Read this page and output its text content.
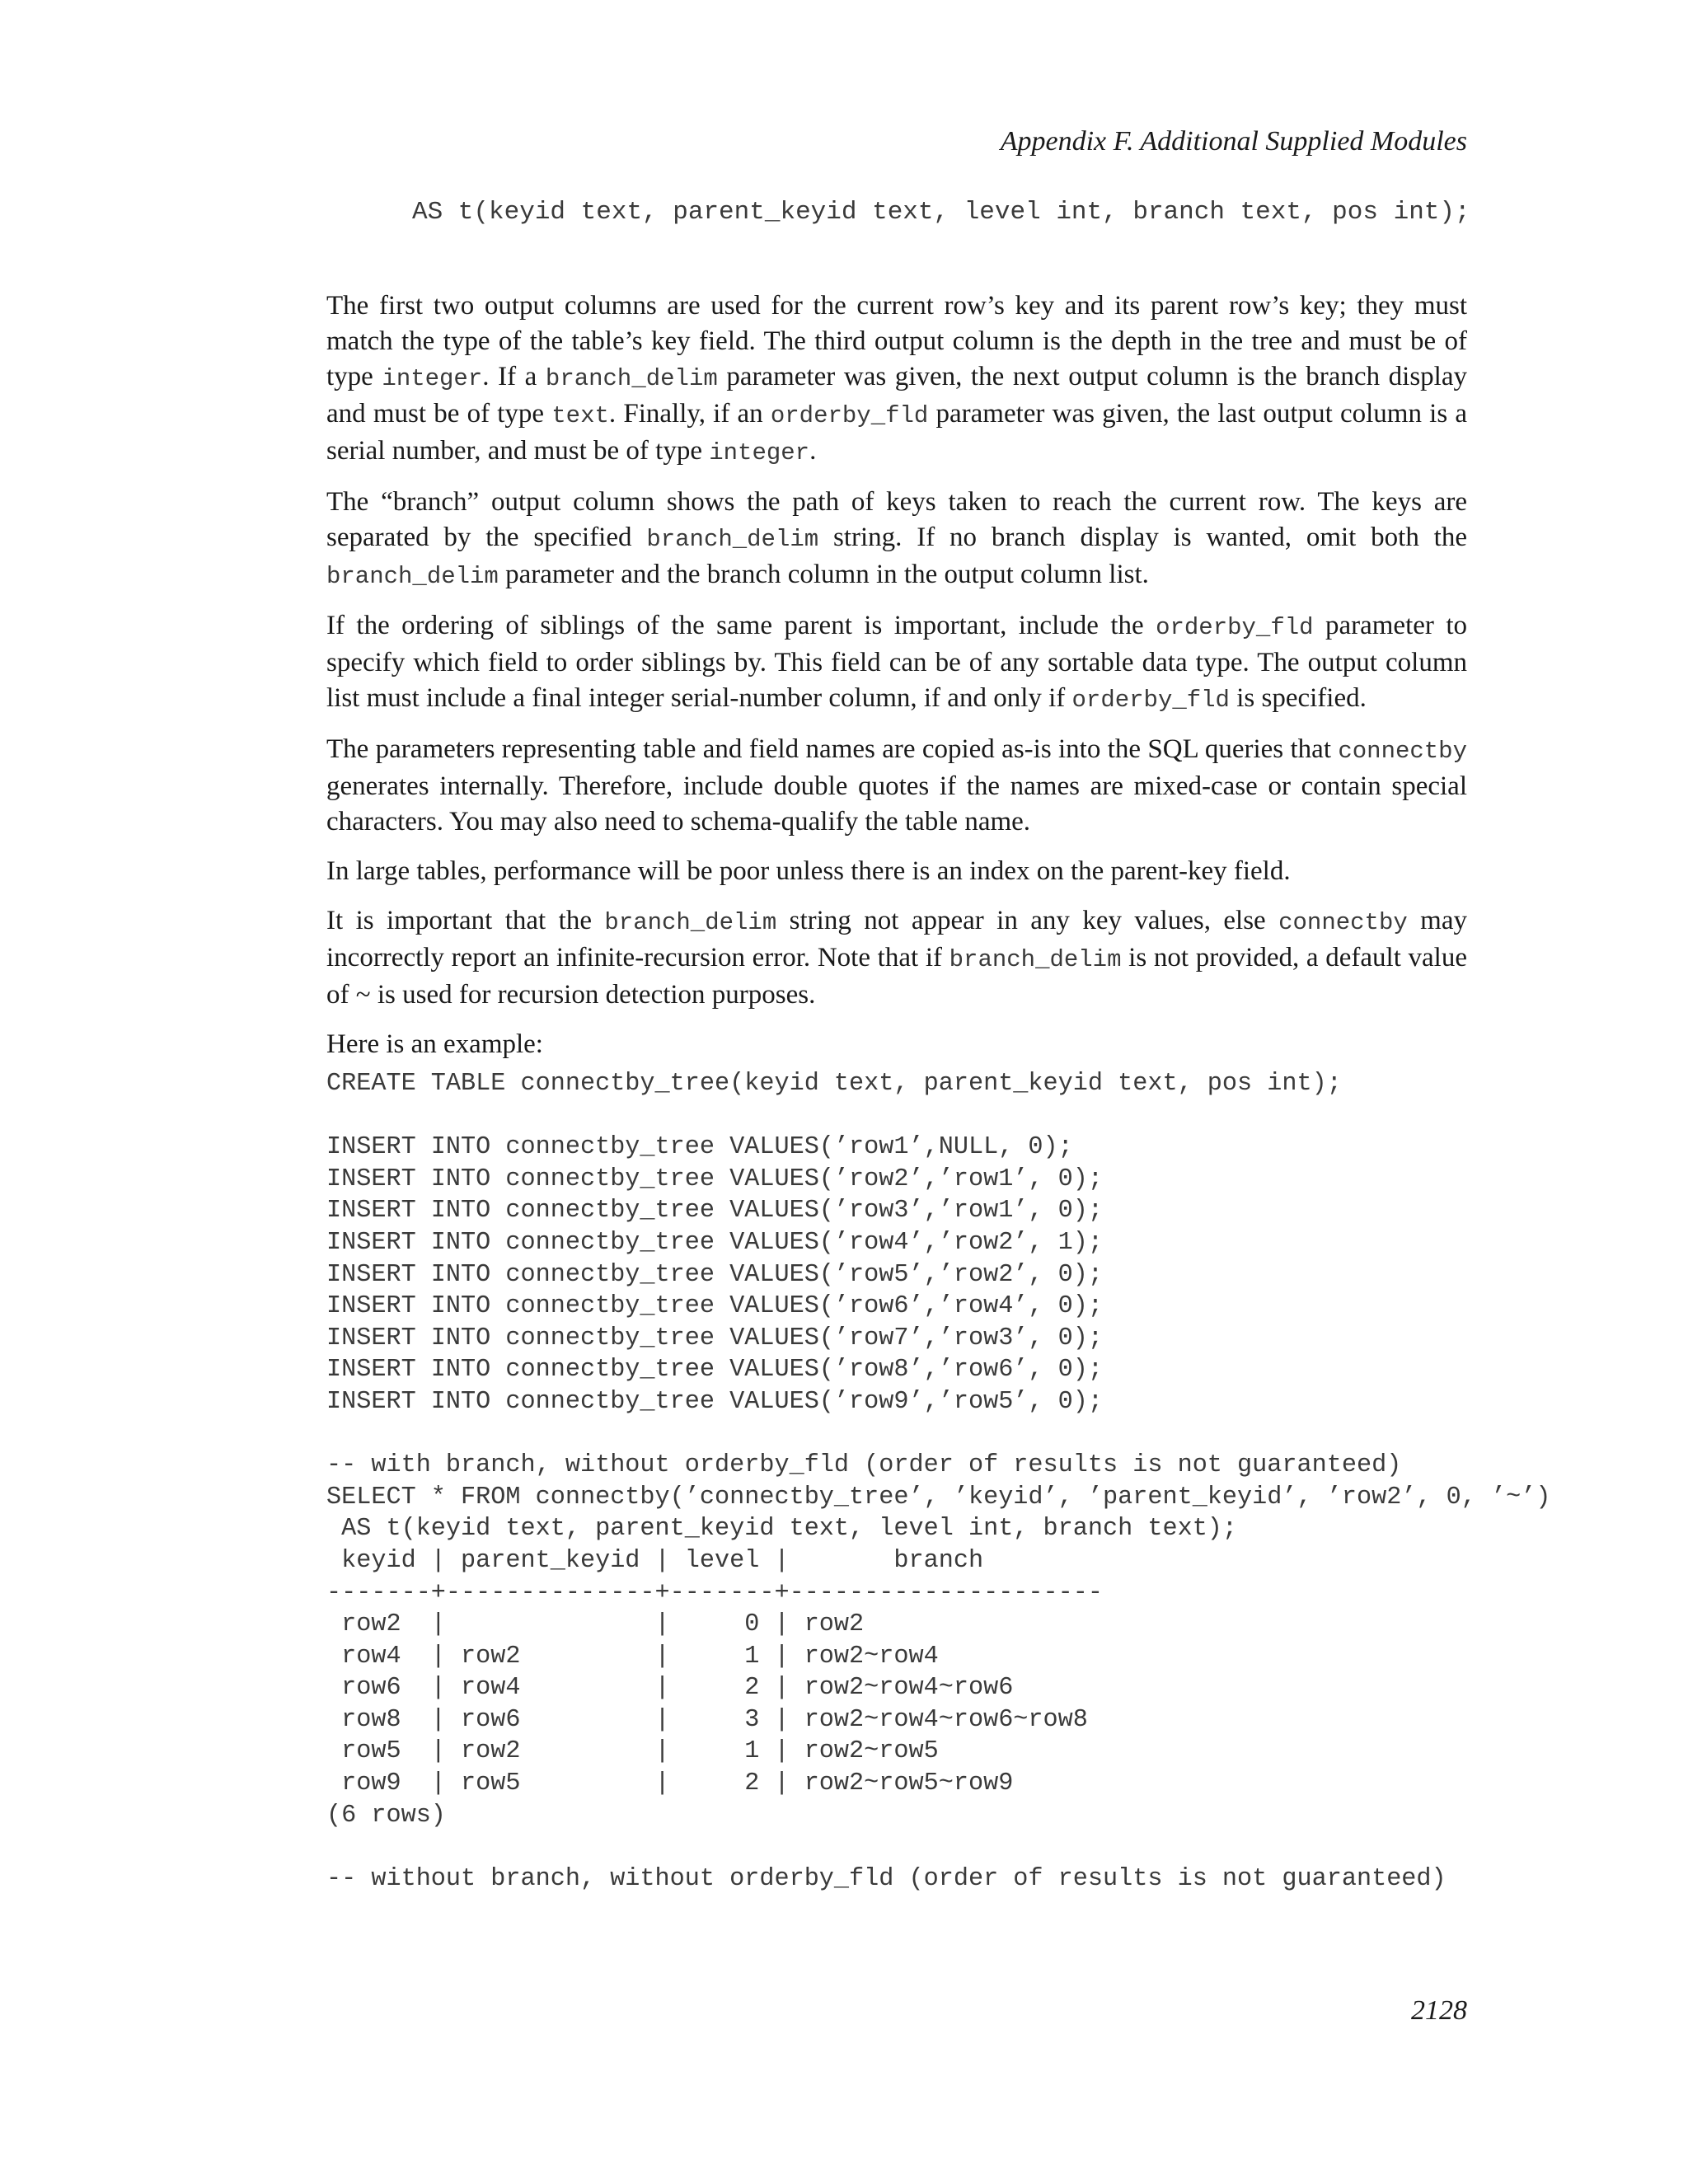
Appendix F. Additional Supplied Modules
AS t(keyid text, parent_keyid text, level int, branch text, pos int);

The first two output columns are used for the current row’s key and its parent row’s key; they must match the type of the table’s key field. The third output column is the depth in the tree and must be of type integer. If a branch_delim parameter was given, the next output column is the branch display and must be of type text. Finally, if an orderby_fld parameter was given, the last output column is a serial number, and must be of type integer.

The “branch” output column shows the path of keys taken to reach the current row. The keys are separated by the specified branch_delim string. If no branch display is wanted, omit both the branch_delim parameter and the branch column in the output column list.

If the ordering of siblings of the same parent is important, include the orderby_fld parameter to specify which field to order siblings by. This field can be of any sortable data type. The output column list must include a final integer serial-number column, if and only if orderby_fld is specified.

The parameters representing table and field names are copied as-is into the SQL queries that connectby generates internally. Therefore, include double quotes if the names are mixed-case or contain special characters. You may also need to schema-qualify the table name.

In large tables, performance will be poor unless there is an index on the parent-key field.

It is important that the branch_delim string not appear in any key values, else connectby may incorrectly report an infinite-recursion error. Note that if branch_delim is not provided, a default value of ~ is used for recursion detection purposes.

Here is an example:

CREATE TABLE connectby_tree(keyid text, parent_keyid text, pos int);
INSERT INTO connectby_tree VALUES(’row1’,NULL, 0);
INSERT INTO connectby_tree VALUES(’row2’,’row1’, 0);
INSERT INTO connectby_tree VALUES(’row3’,’row1’, 0);
INSERT INTO connectby_tree VALUES(’row4’,’row2’, 1);
INSERT INTO connectby_tree VALUES(’row5’,’row2’, 0);
INSERT INTO connectby_tree VALUES(’row6’,’row4’, 0);
INSERT INTO connectby_tree VALUES(’row7’,’row3’, 0);
INSERT INTO connectby_tree VALUES(’row8’,’row6’, 0);
INSERT INTO connectby_tree VALUES(’row9’,’row5’, 0);
-- with branch, without orderby_fld (order of results is not guaranteed)
SELECT * FROM connectby(’connectby_tree’, ’keyid’, ’parent_keyid’, ’row2’, 0, ’~’)
AS t(keyid text, parent_keyid text, level int, branch text);
keyid | parent_keyid | level |       branch
-------+--------------+-------+---------------------
row2  |              |     0 | row2
row4  | row2         |     1 | row2~row4
row6  | row4         |     2 | row2~row4~row6
row8  | row6         |     3 | row2~row4~row6~row8
row5  | row2         |     1 | row2~row5
row9  | row5         |     2 | row2~row5~row9
(6 rows)
-- without branch, without orderby_fld (order of results is not guaranteed)
2128
